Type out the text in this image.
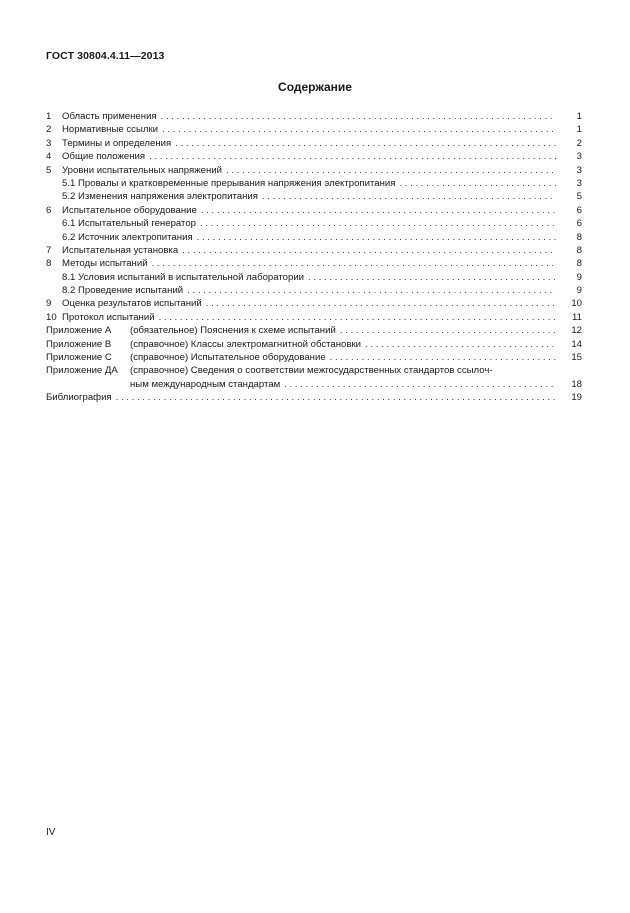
ГОСТ 30804.4.11—2013
Содержание
1 Область применения . . .	1
2 Нормативные ссылки . . .	1
3 Термины и определения . . .	2
4 Общие положения . . .	3
5 Уровни испытательных напряжений . . .	3
5.1 Провалы и кратковременные прерывания напряжения электропитания . . .	3
5.2 Изменения напряжения электропитания . . .	5
6 Испытательное оборудование . . .	6
6.1 Испытательный генератор . . .	6
6.2 Источник электропитания . . .	8
7 Испытательная установка . . .	8
8 Методы испытаний . . .	8
8.1 Условия испытаний в испытательной лаборатории . . .	9
8.2 Проведение испытаний . . .	9
9 Оценка результатов испытаний . . .	10
10 Протокол испытаний . . .	11
Приложение А (обязательное) Пояснения к схеме испытаний . . .	12
Приложение В (справочное) Классы электромагнитной обстановки . . .	14
Приложение С (справочное) Испытательное оборудование . . .	15
Приложение ДА (справочное) Сведения о соответствии межгосударственных стандартов ссылоч-
ным международным стандартам . . .	18
Библиография . . .	19
IV
